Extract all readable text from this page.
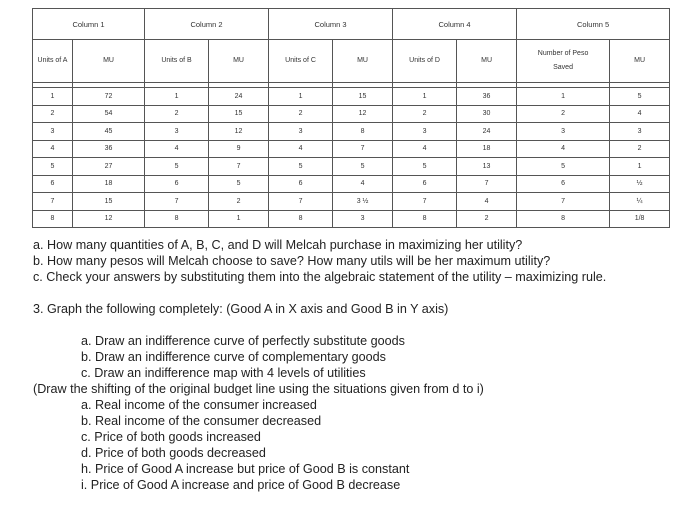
Column 1		Column 2		Column 3		Column 4		Column 5	
Units of A	MU	Units of B	MU	Units of C	MU	Units of D	MU	Number of Peso Saved	MU

1	72	1	24	1	15	1	36	1	5
2	54	2	15	2	12	2	30	2	4
3	45	3	12	3	8	3	24	3	3
4	36	4	9	4	7	4	18	4	2
5	27	5	7	5	5	5	13	5	1
6	18	6	5	6	4	6	7	6	½
7	15	7	2	7	3 ½	7	4	7	¼
8	12	8	1	8	3	8	2	8	1/8

a. How many quantities of A, B, C, and D will Melcah purchase in maximizing her utility?

b. How many pesos will Melcah choose to save? How many utils will be her maximum utility?

c. Check your answers by substituting them into the algebraic statement of the utility – maximizing rule.

3. Graph the following completely: (Good A in X axis and Good B in Y axis)

a. Draw an indifference curve of perfectly substitute goods

b. Draw an indifference curve of complementary goods

c. Draw an indifference map with 4 levels of utilities

(Draw the shifting of the original budget line using the situations given from d to i)

a. Real income of the consumer increased

b. Real income of the consumer decreased

c. Price of both goods increased

d. Price of both goods decreased

h. Price of Good A increase but price of Good B is constant

i. Price of Good A increase and price of Good B decrease
